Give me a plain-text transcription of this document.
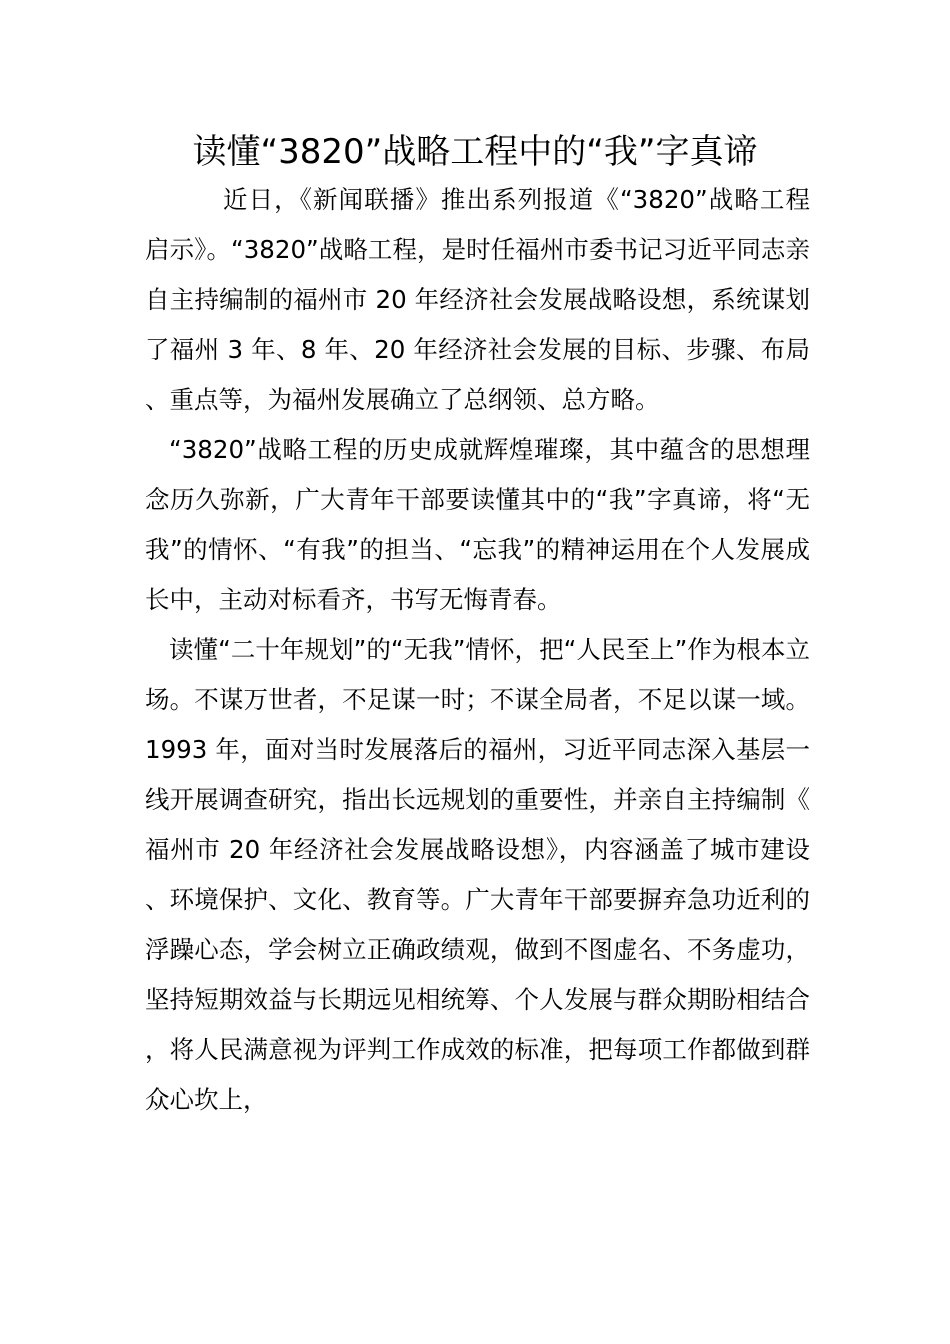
读懂“3820”战略工程中的“我”字真谛

近日，《新闻联播》推出系列报道《“3820”战略工程启示》。“3820”战略工程，是时任福州市委书记习近平同志亲自主持编制的福州市 20 年经济社会发展战略设想，系统谋划了福州 3 年、8 年、20 年经济社会发展的目标、步骤、布局、重点等，为福州发展确立了总纲领、总方略。

“3820”战略工程的历史成就辉煌璀璨，其中蕴含的思想理念历久弥新，广大青年干部要读懂其中的“我”字真谛，将“无我”的情怀、“有我”的担当、“忘我”的精神运用在个人发展成长中，主动对标看齐，书写无悔青春。

读懂“二十年规划”的“无我”情怀，把“人民至上”作为根本立场。不谋万世者，不足谋一时；不谋全局者，不足以谋一域。1993 年，面对当时发展落后的福州，习近平同志深入基层一线开展调查研究，指出长远规划的重要性，并亲自主持编制《福州市 20 年经济社会发展战略设想》，内容涵盖了城市建设、环境保护、文化、教育等。广大青年干部要摒弃急功近利的浮躁心态，学会树立正确政绩观，做到不图虚名、不务虚功，坚持短期效益与长期远见相统筹、个人发展与群众期盼相结合，将人民满意视为评判工作成效的标准，把每项工作都做到群众心坎上，
